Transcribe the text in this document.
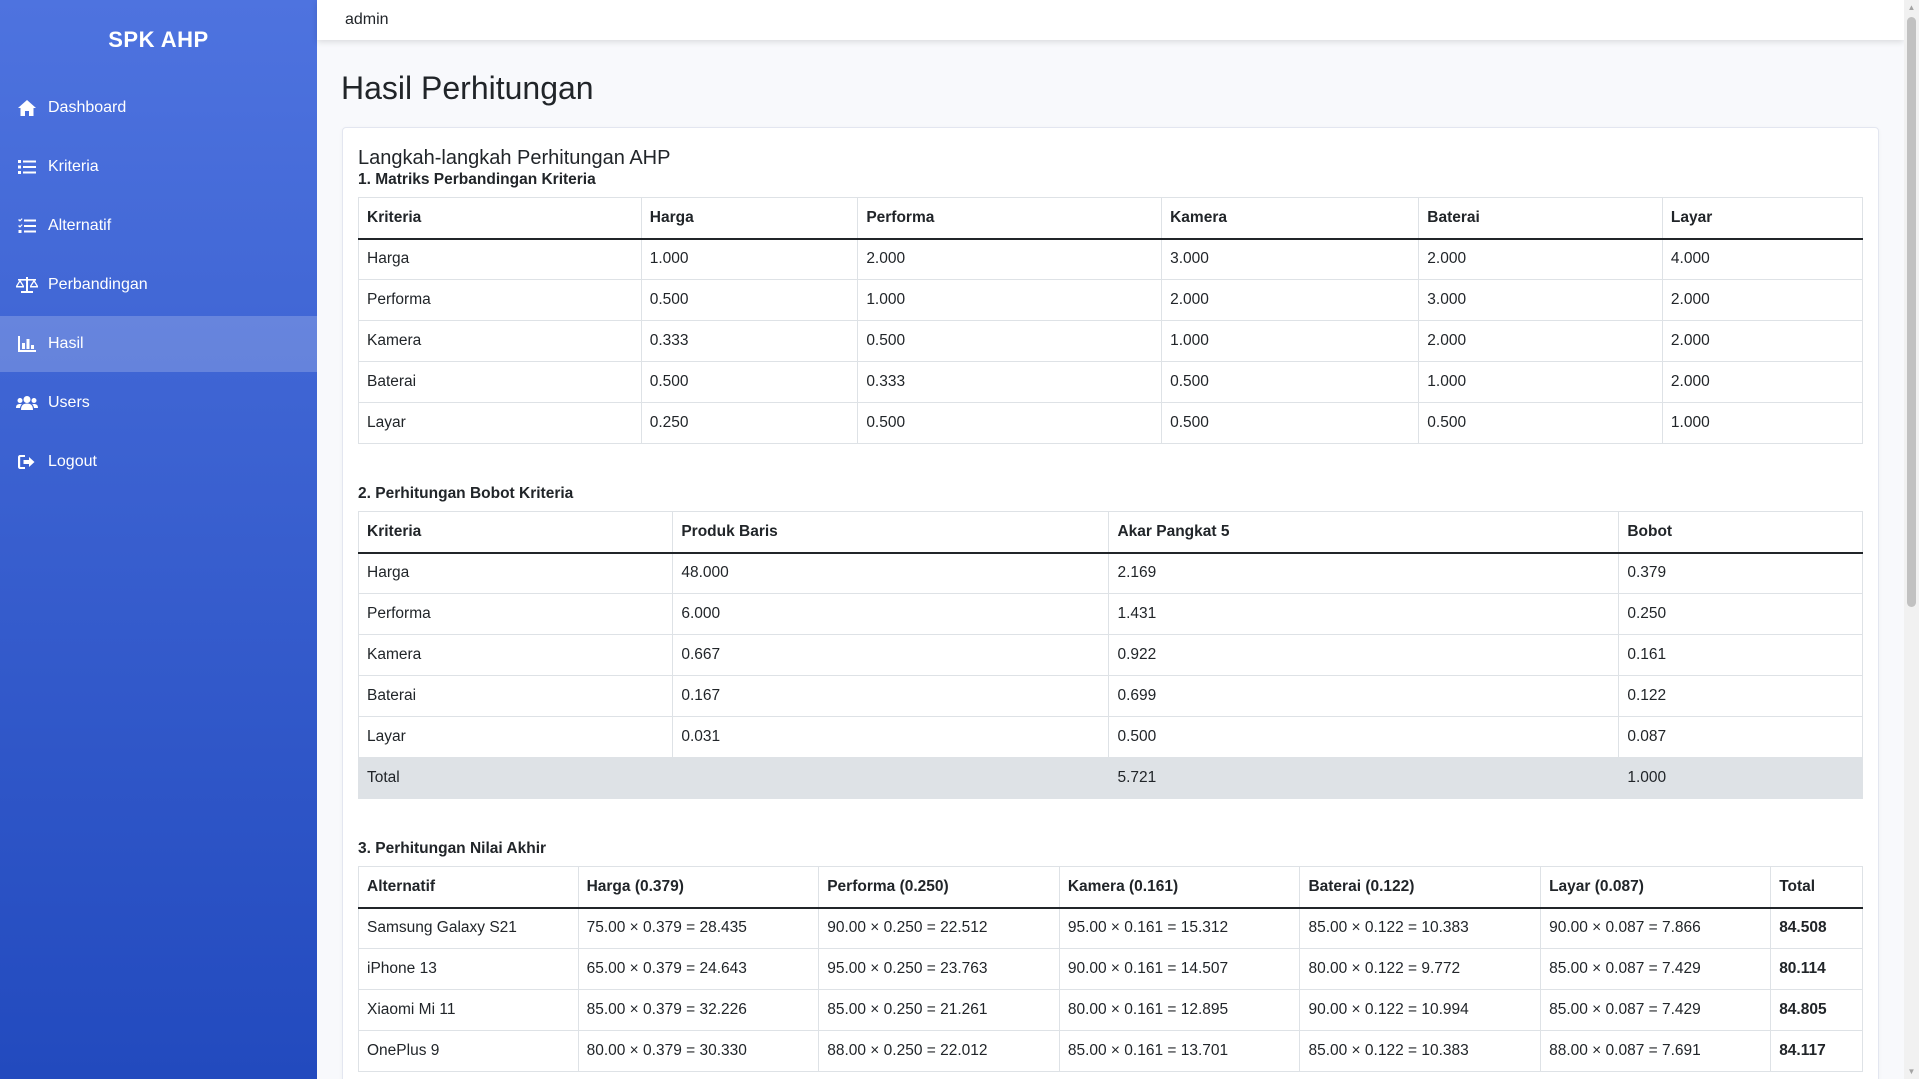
SPK AHP
Dashboard
Kriteria
Alternatif
Perbandingan
Hasil
Users
Logout
admin
Hasil Perhitungan
Langkah-langkah Perhitungan AHP
1. Matriks Perbandingan Kriteria
Kriteria	Harga	Performa	Kamera	Baterai	Layar
Harga	1.000	2.000	3.000	2.000	4.000
Performa	0.500	1.000	2.000	3.000	2.000
Kamera	0.333	0.500	1.000	2.000	2.000
Baterai	0.500	0.333	0.500	1.000	2.000
Layar	0.250	0.500	0.500	0.500	1.000
2. Perhitungan Bobot Kriteria
Kriteria	Produk Baris	Akar Pangkat 5	Bobot
Harga	48.000	2.169	0.379
Performa	6.000	1.431	0.250
Kamera	0.667	0.922	0.161
Baterai	0.167	0.699	0.122
Layar	0.031	0.500	0.087
Total		5.721	1.000
3. Perhitungan Nilai Akhir
Alternatif	Harga (0.379)	Performa (0.250)	Kamera (0.161)	Baterai (0.122)	Layar (0.087)	Total
Samsung Galaxy S21	75.00 × 0.379 = 28.435	90.00 × 0.250 = 22.512	95.00 × 0.161 = 15.312	85.00 × 0.122 = 10.383	90.00 × 0.087 = 7.866	84.508
iPhone 13	65.00 × 0.379 = 24.643	95.00 × 0.250 = 23.763	90.00 × 0.161 = 14.507	80.00 × 0.122 = 9.772	85.00 × 0.087 = 7.429	80.114
Xiaomi Mi 11	85.00 × 0.379 = 32.226	85.00 × 0.250 = 21.261	80.00 × 0.161 = 12.895	90.00 × 0.122 = 10.994	85.00 × 0.087 = 7.429	84.805
OnePlus 9	80.00 × 0.379 = 30.330	88.00 × 0.250 = 22.012	85.00 × 0.161 = 13.701	85.00 × 0.122 = 10.383	88.00 × 0.087 = 7.691	84.117
▲
▼
